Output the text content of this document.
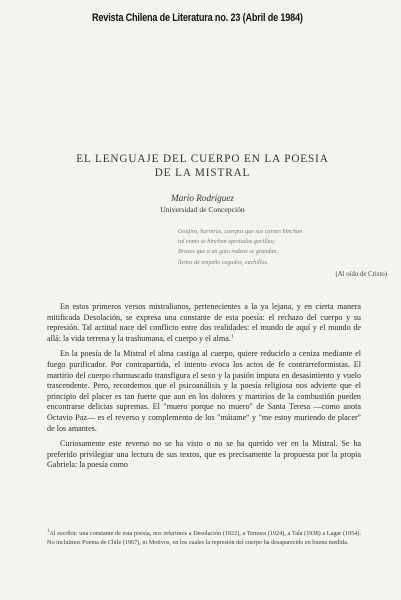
Revista Chilena de Literatura no. 23 (Abril de 1984)
EL LENGUAJE DEL CUERPO EN LA POESIA
DE LA MISTRAL
Mario Rodríguez
Universidad de Concepción
Goajiro, hurreras, cuerpos que sus carnes hinchan
tal como se hinchen apretadas gavillas;
Brazos que a un gato rodeos se grandan,
llenos de empeño cegados, cuchillos.
(Al oído de Cristo)

En estos primeros versos mistralianos, pertenecientes a la ya lejana, y en cierta manera mitificada Desolación, se expresa una constante de esta poesía: el rechazo del cuerpo y su represión. Tal actitud nace del conflicto entre dos realidades: el mundo de aquí y el mundo de allá: la vida terrena y la trashumana, el cuerpo y el alma.$^1$

En la poesía de la Mistral el alma castiga al cuerpo, quiere reducirlo a ceniza mediante el fuego purificador. Por contrapartida, el intento evoca los actos de fe contrarreformistas. El martirio del cuerpo chamuscado transfigura el sexo y la pasión impura en desasimiento y vuelo trascendente. Pero, recordemos que el psicoanálisis y la poesía religiosa nos advierte que el principio del placer es tan fuerte que aun en los dolores y martirios de la combustión pueden encontrarse delicias supremas. El "muero porque no muero" de Santa Teresa —como anota Octavio Paz— es el reverso y complemento de los "mátame" y "me estoy muriendo de placer" de los amantes.

Curiosamente este reverso no se ha visto o no se ha querido ver en la Mistral. Se ha preferido privilegiar una lectura de sus textos, que es precisamente la propuesta por la propia Gabriela: la poesía como

$^1$Al escribir: una constante de esta poesía, nos referimos a Desolación (1922), a Ternura (1924), a Tala (1938) a Lagar (1954). No incluimos Poema de Chile (1967), ni Motivos, en los cuales la represión del cuerpo ha desaparecido en buena medida.
